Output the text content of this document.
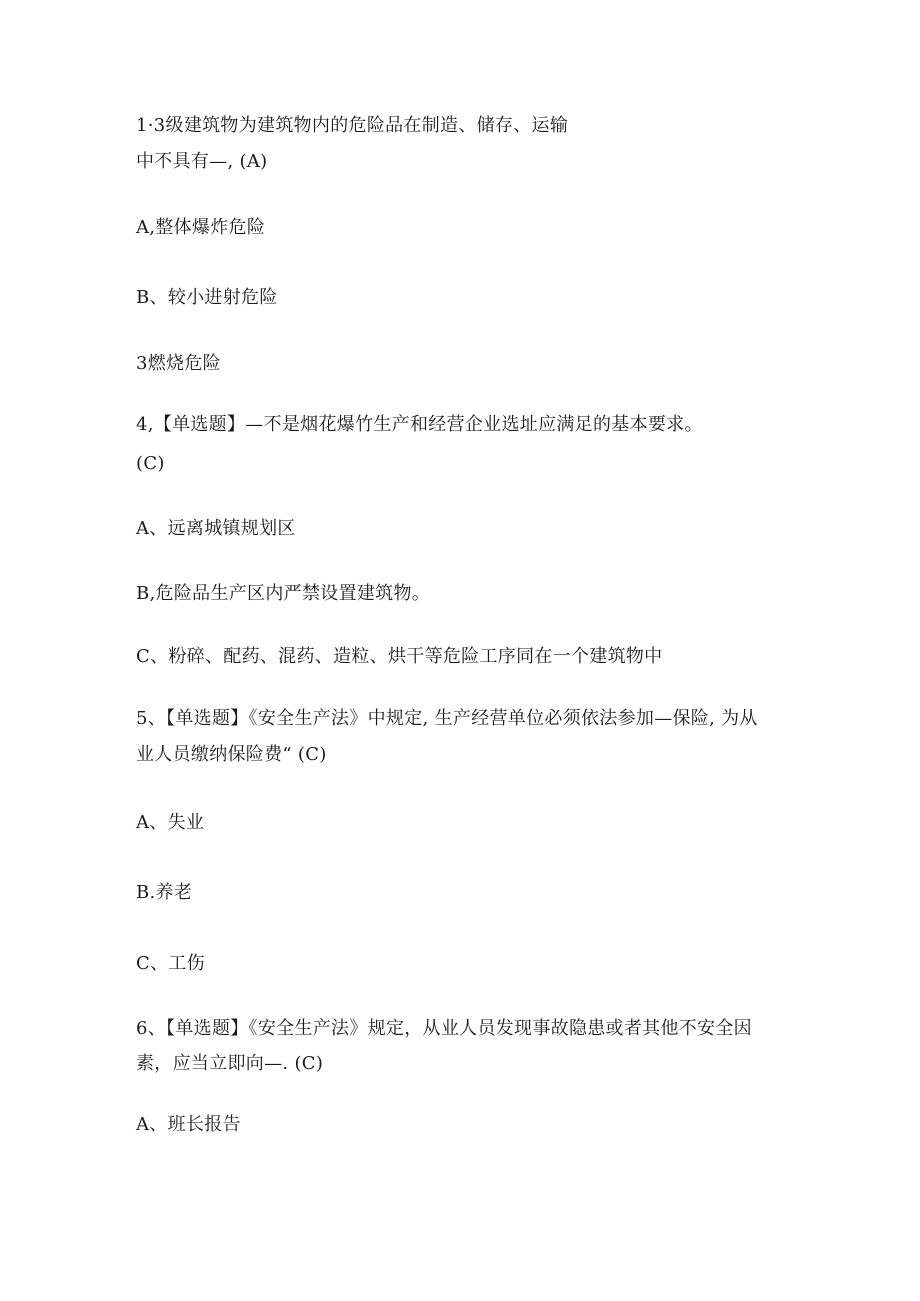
1·3级建筑物为建筑物内的危险品在制造、储存、运输
中不具有—, (A)
A,整体爆炸危险
B、较小进射危险
3燃烧危险
4,【单选题】—不是烟花爆竹生产和经营企业选址应满足的基本要求。
(C)
A、远离城镇规划区
B,危险品生产区内严禁设置建筑物。
C、粉碎、配药、混药、造粒、烘干等危险工序同在一个建筑物中
5、【单选题】《安全生产法》中规定, 生产经营单位必须依法参加—保险, 为从
业人员缴纳保险费“ (C)
A、失业
B.养老
C、工伤
6、【单选题】《安全生产法》规定，从业人员发现事故隐患或者其他不安全因
素，应当立即向—. (C)
A、班长报告
